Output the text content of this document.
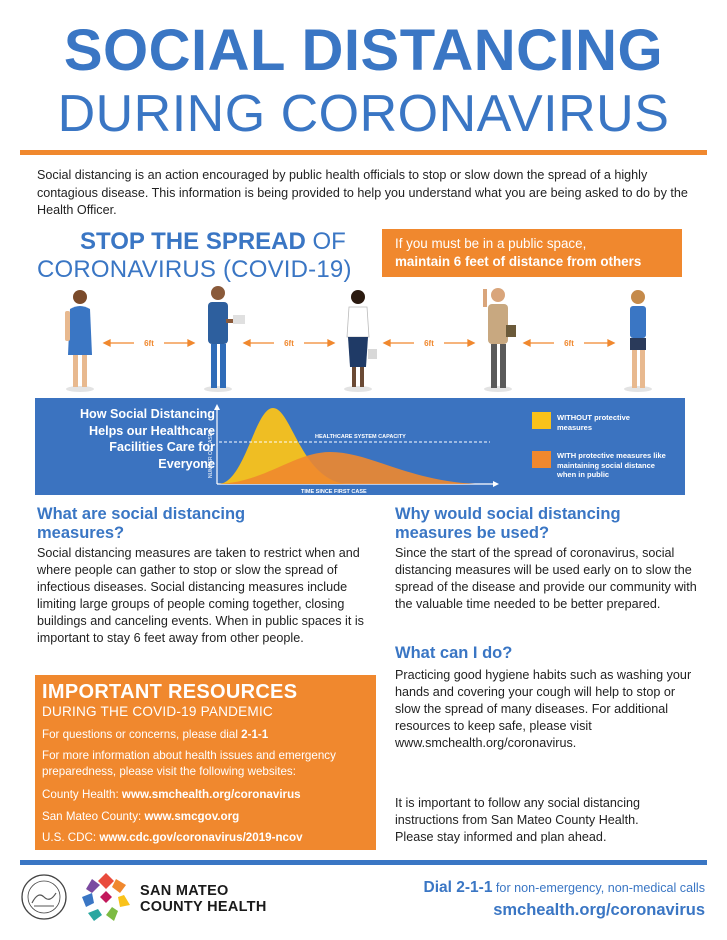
SOCIAL DISTANCING
DURING CORONAVIRUS

Social distancing is an action encouraged by public health officials to stop or slow down the spread of a highly contagious disease. This information is being provided to help you understand what you are being asked to do by the Health Officer.

STOP THE SPREAD OF
CORONAVIRUS (COVID-19)
If you must be in a public space,
maintain 6 feet of distance from others
6ft	6ft	6ft	6ft
How Social Distancing Helps our Healthcare Facilities Care for Everyone
HEALTHCARE SYSTEM CAPACITY
NUMBER OF CASES
TIME SINCE FIRST CASE
WITHOUT protective measures
WITH protective measures like maintaining social distance when in public
What are social distancing measures?

Social distancing measures are taken to restrict when and where people can gather to stop or slow the spread of infectious diseases. Social distancing measures include limiting large groups of people coming together, closing buildings and canceling events. When in public spaces it is important to stay 6 feet away from other people.

Why would social distancing measures be used?

Since the start of the spread of coronavirus, social distancing measures will be used early on to slow the spread of the disease and provide our community with the valuable time needed to be better prepared.

What can I do?

Practicing good hygiene habits such as washing your hands and covering your cough will help to stop or slow the spread of many diseases. For additional resources to keep safe, please visit www.smchealth.org/coronavirus.

It is important to follow any social distancing instructions from San Mateo County Health. Please stay informed and plan ahead.

IMPORTANT RESOURCES
DURING THE COVID-19 PANDEMIC
For questions or concerns, please dial 2-1-1
For more information about health issues and emergency preparedness, please visit the following websites:
County Health: www.smchealth.org/coronavirus
San Mateo County: www.smcgov.org
U.S. CDC: www.cdc.gov/coronavirus/2019-ncov
SAN MATEO
COUNTY HEALTH
Dial 2-1-1 for non-emergency, non-medical calls
smchealth.org/coronavirus
